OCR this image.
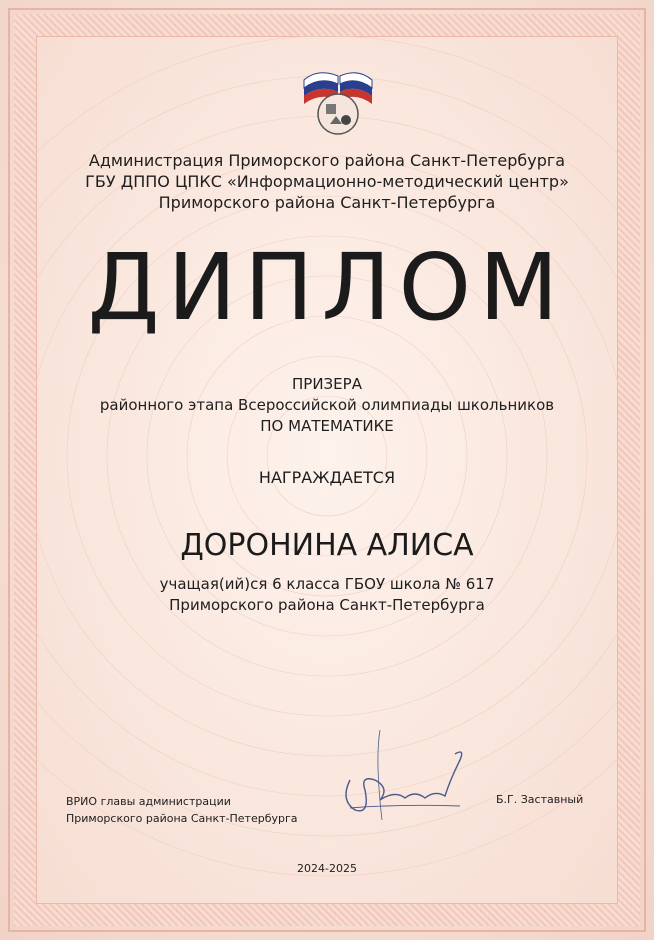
Администрация Приморского района Санкт-Петербурга
ГБУ ДППО ЦПКС «Информационно-методический центр»
Приморского района Санкт-Петербурга
ДИПЛОМ
ПРИЗЕРА
районного этапа Всероссийской олимпиады школьников
ПО МАТЕМАТИКЕ
НАГРАЖДАЕТСЯ
ДОРОНИНА АЛИСА
учащая(ий)ся 6 класса ГБОУ школа № 617
Приморского района Санкт-Петербурга
ВРИО главы администрации
Приморского района Санкт-Петербурга
Б.Г. Заставный
2024-2025
